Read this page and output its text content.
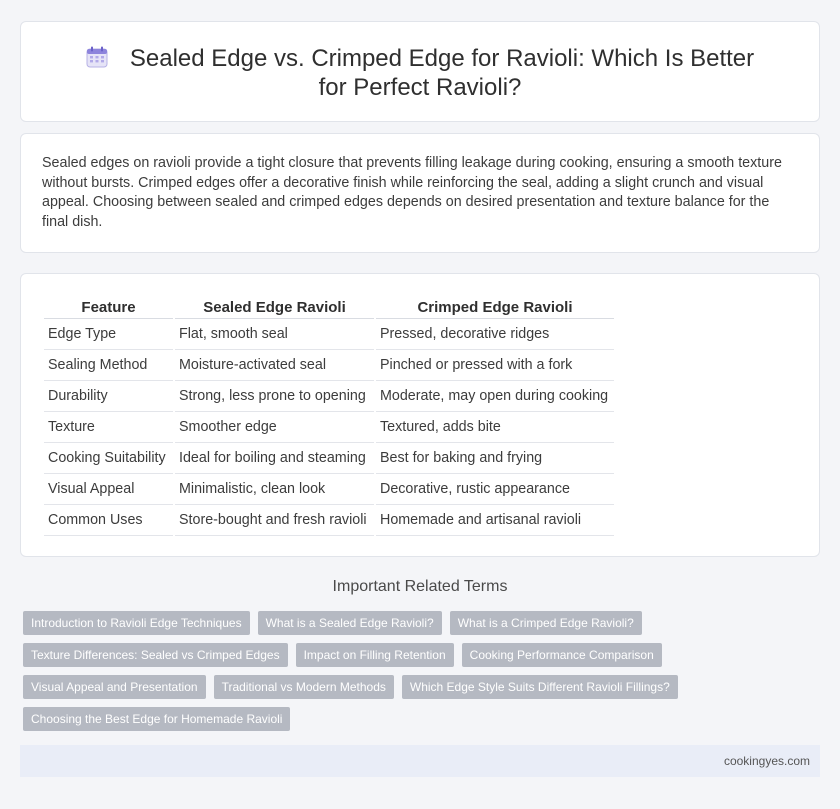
Sealed Edge vs. Crimped Edge for Ravioli: Which Is Better for Perfect Ravioli?

Sealed edges on ravioli provide a tight closure that prevents filling leakage during cooking, ensuring a smooth texture without bursts. Crimped edges offer a decorative finish while reinforcing the seal, adding a slight crunch and visual appeal. Choosing between sealed and crimped edges depends on desired presentation and texture balance for the final dish.

Feature	Sealed Edge Ravioli	Crimped Edge Ravioli
Edge Type	Flat, smooth seal	Pressed, decorative ridges
Sealing Method	Moisture-activated seal	Pinched or pressed with a fork
Durability	Strong, less prone to opening	Moderate, may open during cooking
Texture	Smoother edge	Textured, adds bite
Cooking Suitability	Ideal for boiling and steaming	Best for baking and frying
Visual Appeal	Minimalistic, clean look	Decorative, rustic appearance
Common Uses	Store-bought and fresh ravioli	Homemade and artisanal ravioli
Important Related Terms
Introduction to Ravioli Edge Techniques	What is a Sealed Edge Ravioli?	What is a Crimped Edge Ravioli?
Texture Differences: Sealed vs Crimped Edges	Impact on Filling Retention	Cooking Performance Comparison
Visual Appeal and Presentation	Traditional vs Modern Methods	Which Edge Style Suits Different Ravioli Fillings?
Choosing the Best Edge for Homemade Ravioli
cookingyes.com
